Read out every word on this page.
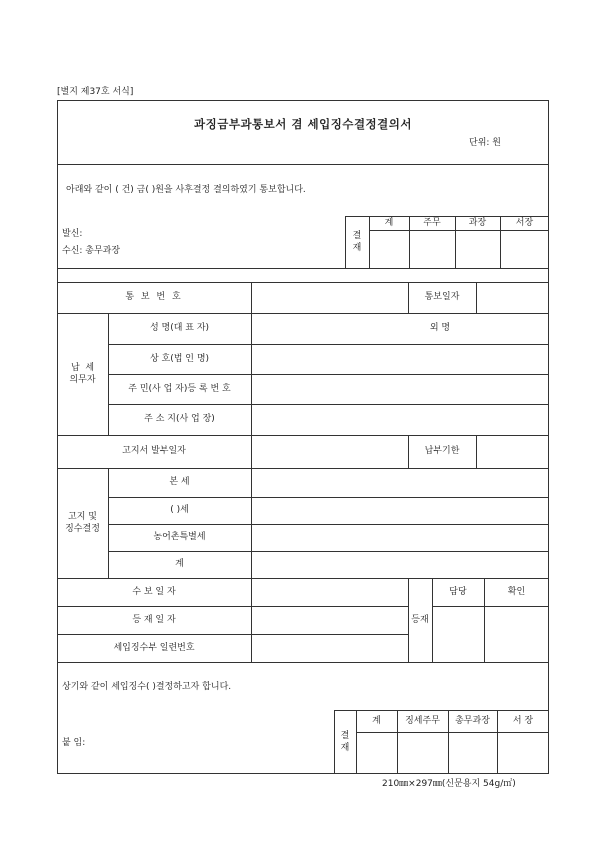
[별지 제37호 서식]
과징금부과통보서 겸 세입징수결정결의서
단위: 원
아래와 같이 ( 건) 금( )원을 사후결정 결의하였기 통보합니다.
발신:
수신: 총무과장
결
재
계	주무	과장	서장
통 보 번 호	통보일자
납  세
의무자
성 명(대 표 자)	외 명
상 호(법 인 명)
주 민(사 업 자)등 록 번 호
주 소 지(사 업 장)
고지서 발부일자	납부기한
고지 및
징수결정
본 세
( )세
농어촌특별세
계
수 보 일 자
등 재 일 자
세입징수부 일련번호
등재
담당	확인
상기와 같이 세입징수( )결정하고자 합니다.
붙 임:
결
재
계	징세주무	총무과장	서 장
210㎜×297㎜(신문용지 54g/㎡)
